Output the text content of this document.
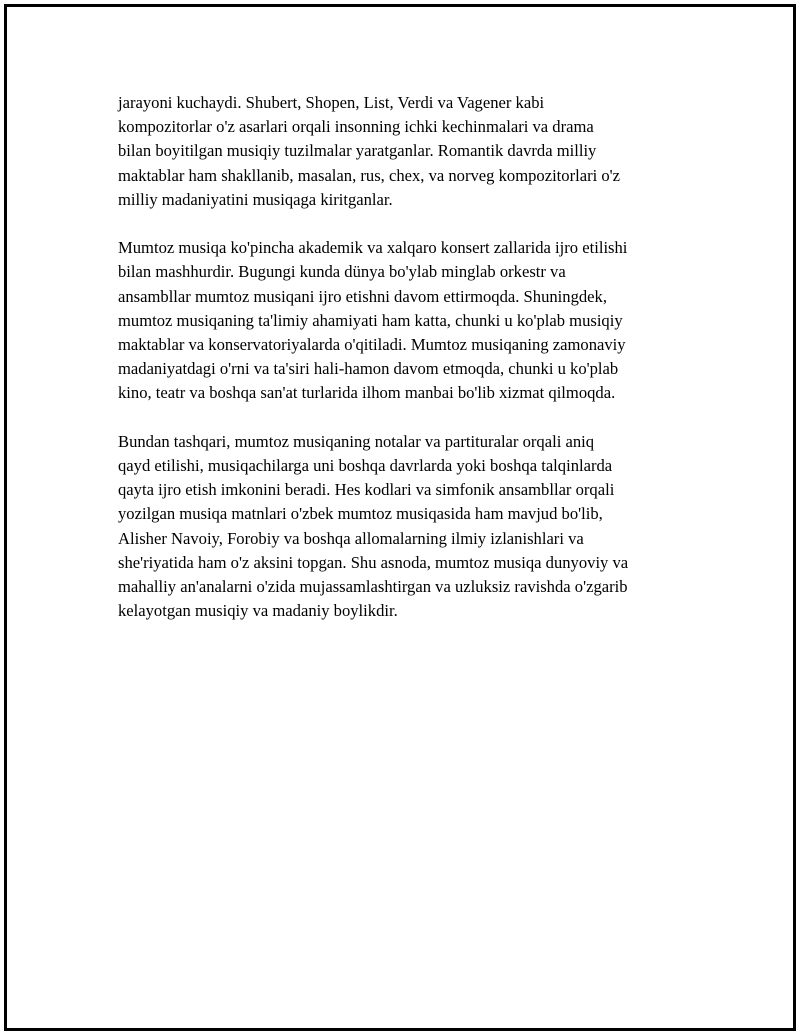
jarayoni kuchaydi. Shubert, Shopen, List, Verdi va Vagener kabi
kompozitorlar o'z asarlari orqali insonning ichki kechinmalari va drama
bilan boyitilgan musiqiy tuzilmalar yaratganlar. Romantik davrda milliy
maktablar ham shakllanib, masalan, rus, chex, va norveg kompozitorlari o'z
milliy madaniyatini musiqaga kiritganlar.

Mumtoz musiqa ko'pincha akademik va xalqaro konsert zallarida ijro etilishi
bilan mashhurdir. Bugungi kunda dünya bo'ylab minglab orkestr va
ansambllar mumtoz musiqani ijro etishni davom ettirmoqda. Shuningdek,
mumtoz musiqaning ta'limiy ahamiyati ham katta, chunki u ko'plab musiqiy
maktablar va konservatoriyalarda o'qitiladi. Mumtoz musiqaning zamonaviy
madaniyatdagi o'rni va ta'siri hali-hamon davom etmoqda, chunki u ko'plab
kino, teatr va boshqa san'at turlarida ilhom manbai bo'lib xizmat qilmoqda.

Bundan tashqari, mumtoz musiqaning notalar va partituralar orqali aniq
qayd etilishi, musiqachilarga uni boshqa davrlarda yoki boshqa talqinlarda
qayta ijro etish imkonini beradi. Hes kodlari va simfonik ansambllar orqali
yozilgan musiqa matnlari o'zbek mumtoz musiqasida ham mavjud bo'lib,
Alisher Navoiy, Forobiy va boshqa allomalarning ilmiy izlanishlari va
she'riyatida ham o'z aksini topgan. Shu asnoda, mumtoz musiqa dunyoviy va
mahalliy an'analarni o'zida mujassamlashtirgan va uzluksiz ravishda o'zgarib
kelayotgan musiqiy va madaniy boylikdir.
